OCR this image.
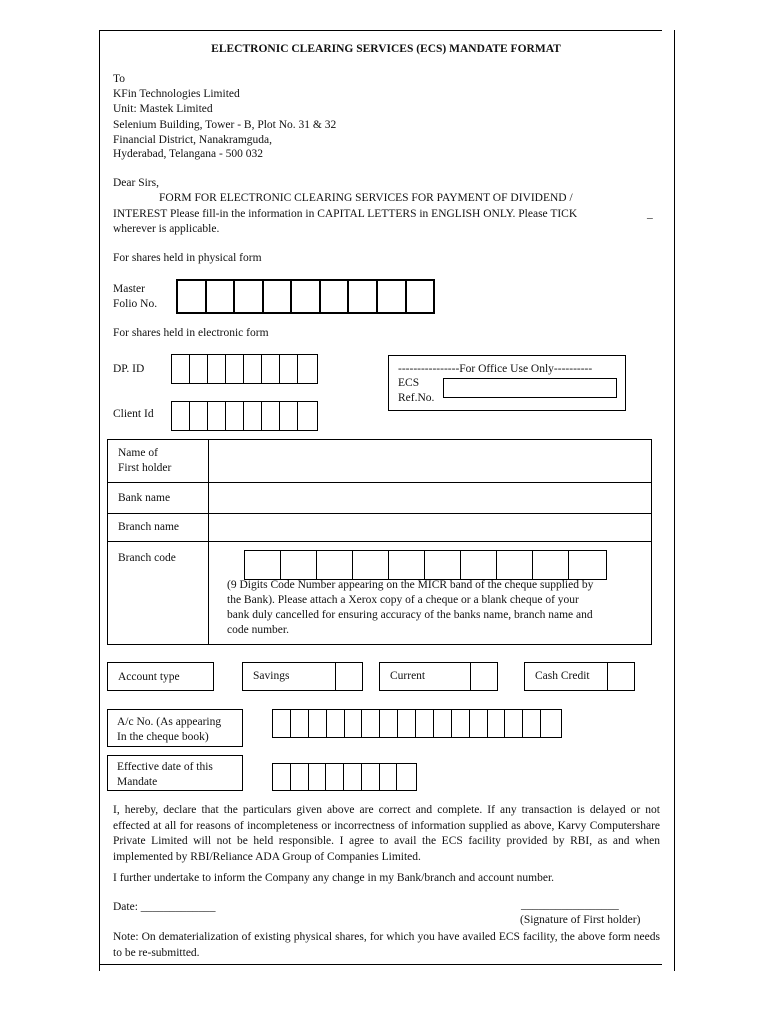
ELECTRONIC CLEARING SERVICES (ECS) MANDATE FORMAT
To
KFin Technologies Limited
Unit: Mastek Limited
Selenium Building, Tower - B, Plot No. 31 & 32
Financial District, Nanakramguda,
Hyderabad, Telangana - 500 032
Dear Sirs,
FORM FOR ELECTRONIC CLEARING SERVICES FOR PAYMENT OF DIVIDEND /
INTEREST Please fill-in the information in CAPITAL LETTERS in ENGLISH ONLY. Please TICK	_
wherever is applicable.
For shares held in physical form
Master
Folio No.
For shares held in electronic form
DP. ID
Client Id
----------------For Office Use Only----------
ECS
Ref.No.
Name of
First holder
Bank name
Branch name
Branch code
(9 Digits Code Number appearing on the MICR band of the cheque supplied by
the Bank). Please attach a Xerox copy of a cheque or a blank cheque of your
bank duly cancelled for ensuring accuracy of the banks name, branch name and
code number.
Account type	Savings	Current	Cash Credit
A/c No. (As appearing
In the cheque book)
Effective date of this
Mandate
I, hereby, declare that the particulars given above are correct and complete. If any transaction is delayed or not effected at all for reasons of incompleteness or incorrectness of information supplied as above, Karvy Computershare Private Limited will not be held responsible. I agree to avail the ECS facility provided by RBI, as and when implemented by RBI/Reliance ADA Group of Companies Limited.
I further undertake to inform the Company any change in my Bank/branch and account number.
Date: _____________	_________________
(Signature of First holder)
Note: On dematerialization of existing physical shares, for which you have availed ECS facility, the above form needs to be re-submitted.
